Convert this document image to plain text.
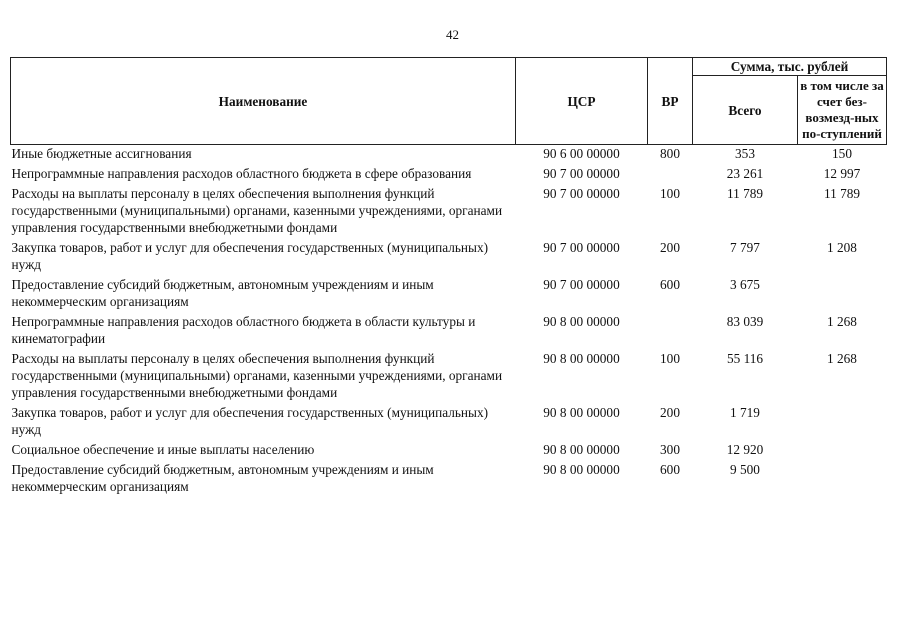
42
Наименование	ЦСР	ВР	Сумма, тыс. рублей	
			Всего	в том числе за счет без-возмезд-ных по-ступлений
Иные бюджетные ассигнования	90 6 00 00000	800	353	150
Непрограммные направления расходов областного бюджета в сфере образования	90 7 00 00000		23 261	12 997
Расходы на выплаты персоналу в целях обеспечения выполнения функций государственными (муниципальными) органами, казенными учреждениями, органами управления государственными внебюджетными фондами	90 7 00 00000	100	11 789	11 789
Закупка товаров, работ и услуг для обеспечения государственных (муниципальных) нужд	90 7 00 00000	200	7 797	1 208
Предоставление субсидий бюджетным, автономным учреждениям и иным некоммерческим организациям	90 7 00 00000	600	3 675	
Непрограммные направления расходов областного бюджета в области культуры и кинематографии	90 8 00 00000		83 039	1 268
Расходы на выплаты персоналу в целях обеспечения выполнения функций государственными (муниципальными) органами, казенными учреждениями, органами управления государственными внебюджетными фондами	90 8 00 00000	100	55 116	1 268
Закупка товаров, работ и услуг для обеспечения государственных (муниципальных) нужд	90 8 00 00000	200	1 719	
Социальное обеспечение и иные выплаты населению	90 8 00 00000	300	12 920	
Предоставление субсидий бюджетным, автономным учреждениям и иным некоммерческим организациям	90 8 00 00000	600	9 500	
